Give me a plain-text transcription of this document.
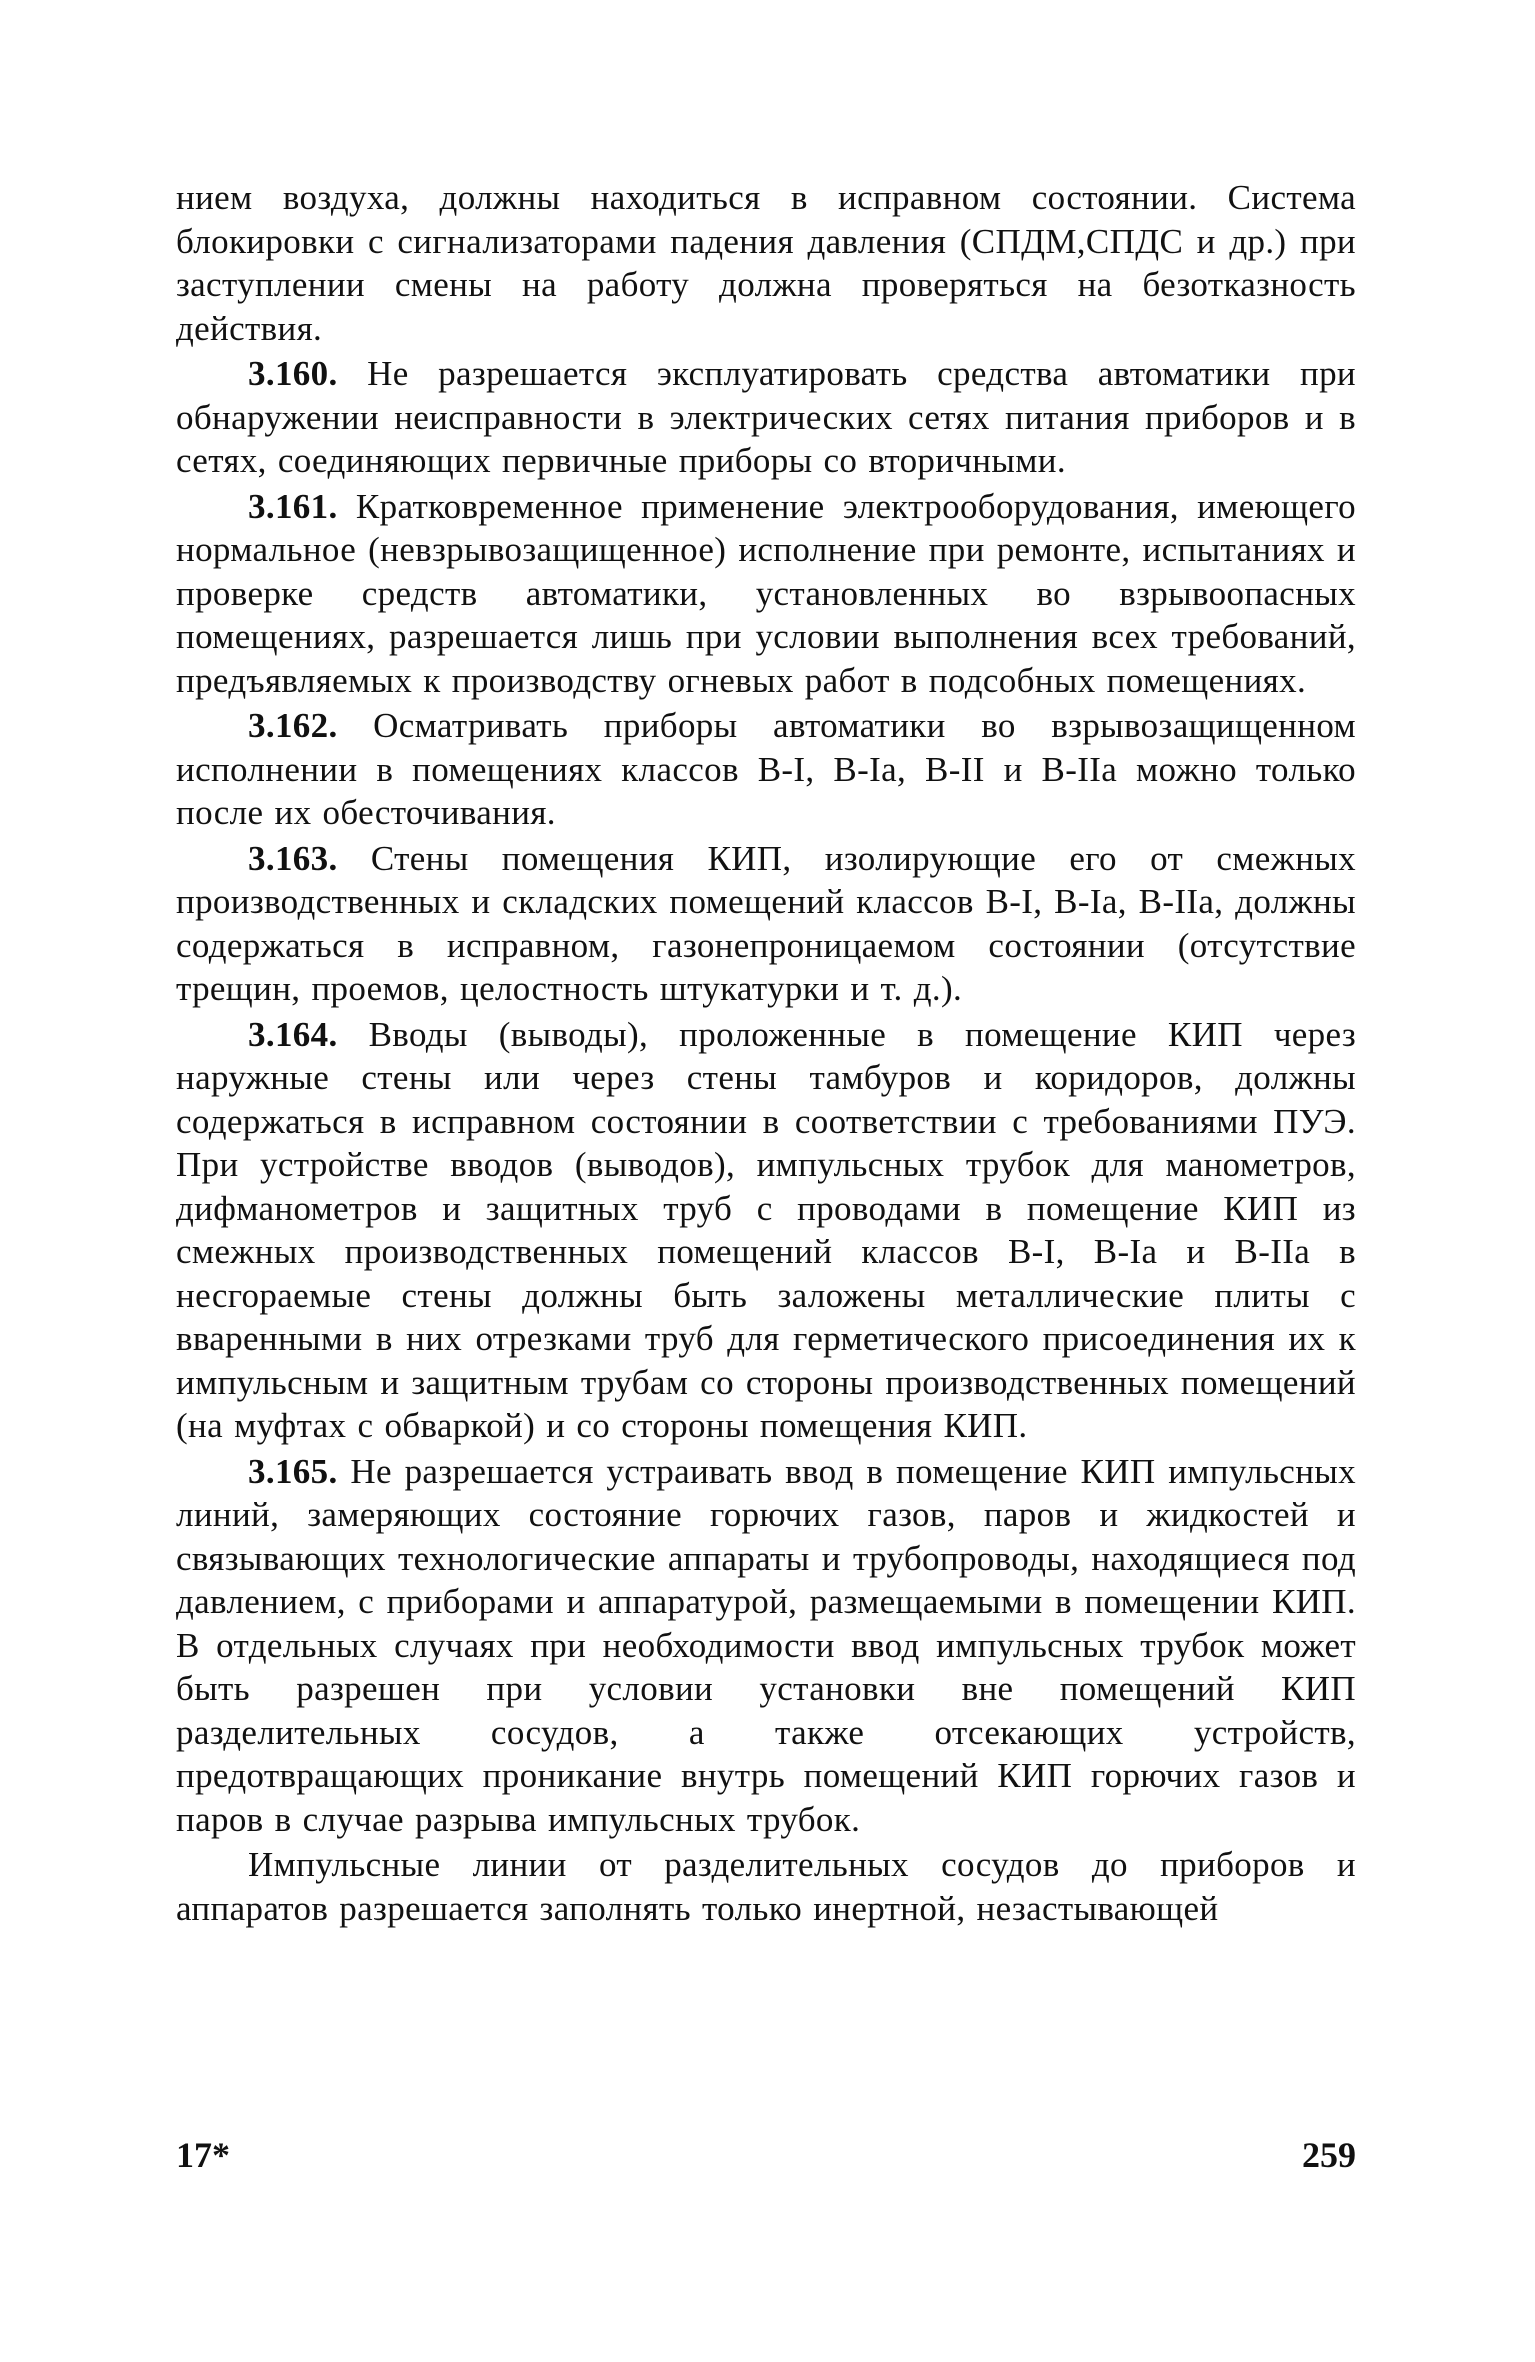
нием воздуха, должны находиться в исправном состоянии. Система блокировки с сигнализаторами падения давления (СПДМ,СПДС и др.) при заступлении смены на работу должна проверяться на безотказность действия.

3.160. Не разрешается эксплуатировать средства автоматики при обнаружении неисправности в электрических сетях питания приборов и в сетях, соединяющих первичные приборы со вторичными.

3.161. Кратковременное применение электрооборудования, имеющего нормальное (невзрывозащищенное) исполнение при ремонте, испытаниях и проверке средств автоматики, установленных во взрывоопасных помещениях, разрешается лишь при условии выполнения всех требований, предъявляемых к производству огневых работ в подсобных помещениях.

3.162. Осматривать приборы автоматики во взрывозащищенном исполнении в помещениях классов В-I, В-Iа, В-II и В-IIа можно только после их обесточивания.

3.163. Стены помещения КИП, изолирующие его от смежных производственных и складских помещений классов В-I, В-Iа, В-IIа, должны содержаться в исправном, газонепроницаемом состоянии (отсутствие трещин, проемов, целостность штукатурки и т. д.).

3.164. Вводы (выводы), проложенные в помещение КИП через наружные стены или через стены тамбуров и коридоров, должны содержаться в исправном состоянии в соответствии с требованиями ПУЭ. При устройстве вводов (выводов), импульсных трубок для манометров, дифманометров и защитных труб с проводами в помещение КИП из смежных производственных помещений классов В-I, В-Iа и В-IIа в несгораемые стены должны быть заложены металлические плиты с вваренными в них отрезками труб для герметического присоединения их к импульсным и защитным трубам со стороны производственных помещений (на муфтах с обваркой) и со стороны помещения КИП.

3.165. Не разрешается устраивать ввод в помещение КИП импульсных линий, замеряющих состояние горючих газов, паров и жидкостей и связывающих технологические аппараты и трубопроводы, находящиеся под давлением, с приборами и аппаратурой, размещаемыми в помещении КИП. В отдельных случаях при необходимости ввод импульсных трубок может быть разрешен при условии установки вне помещений КИП разделительных сосудов, а также отсекающих устройств, предотвращающих проникание внутрь помещений КИП горючих газов и паров в случае разрыва импульсных трубок.

Импульсные линии от разделительных сосудов до приборов и аппаратов разрешается заполнять только инертной, незастывающей

17*	259
